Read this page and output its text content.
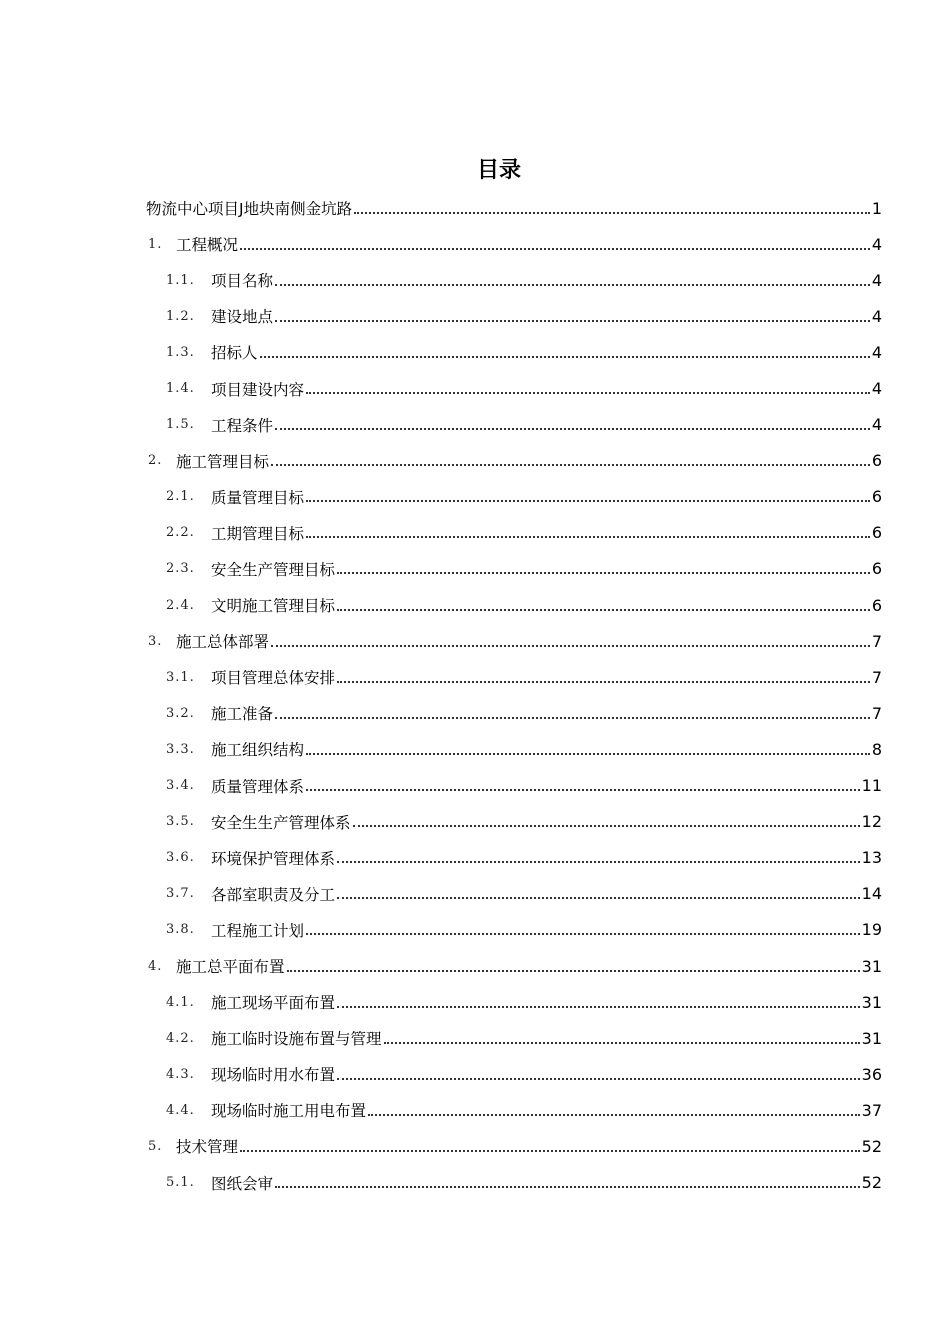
目录
物流中心项目J地块南侧金坑路	1
1. 工程概况	4
1.1.	项目名称	4
1.2.	建设地点	4
1.3.	招标人	4
1.4.	项目建设内容	4
1.5.	工程条件	4
2. 施工管理目标	6
2.1.	质量管理目标	6
2.2.	工期管理目标	6
2.3.	安全生产管理目标	6
2.4.	文明施工管理目标	6
3. 施工总体部署	7
3.1.	项目管理总体安排	7
3.2.	施工准备	7
3.3.	施工组织结构	8
3.4.	质量管理体系	11
3.5.	安全生生产管理体系	12
3.6.	环境保护管理体系	13
3.7.	各部室职责及分工	14
3.8.	工程施工计划	19
4. 施工总平面布置	31
4.1.	施工现场平面布置	31
4.2.	施工临时设施布置与管理	31
4.3.	现场临时用水布置	36
4.4.	现场临时施工用电布置	37
5. 技术管理	52
5.1.	图纸会审	52
